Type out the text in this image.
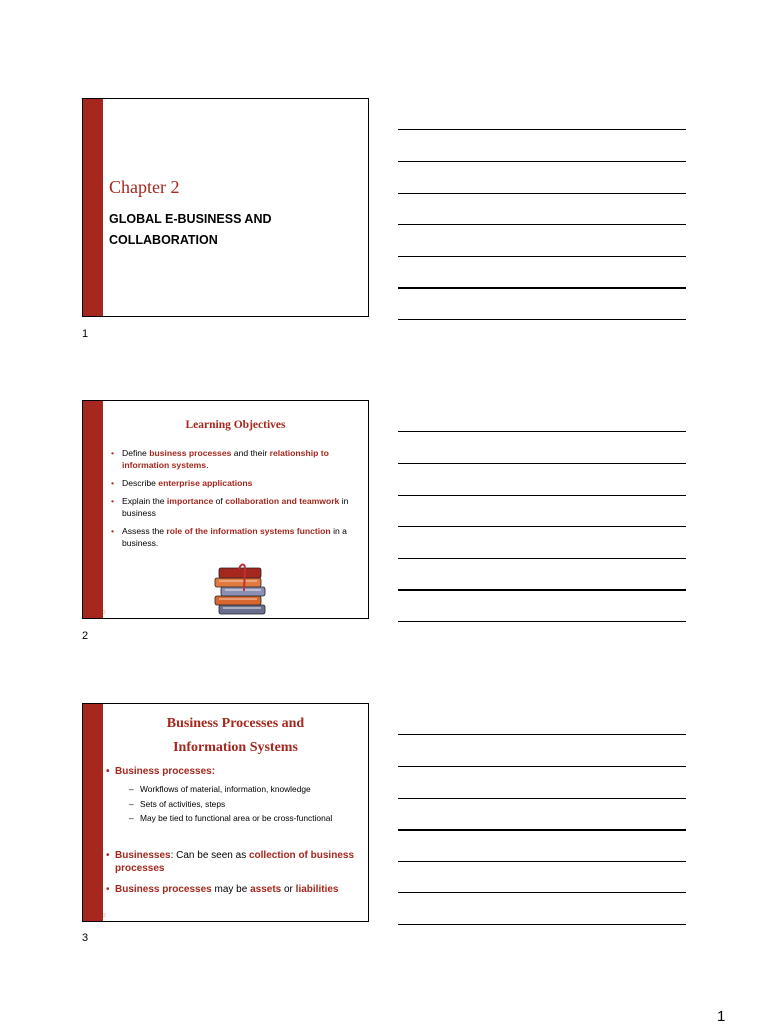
Chapter 2
GLOBAL E-BUSINESS AND COLLABORATION
1
Learning Objectives
• Define business processes and their relationship to information systems.
• Describe enterprise applications
• Explain the importance of collaboration and teamwork in business
• Assess the role of the information systems function in a business.
2
2
Business Processes and
Information Systems
• Business processes:
– Workflows of material, information, knowledge
– Sets of activities, steps
– May be tied to functional area or be cross-functional
• Businesses: Can be seen as collection of business processes
• Business processes may be assets or liabilities
3
3
1
